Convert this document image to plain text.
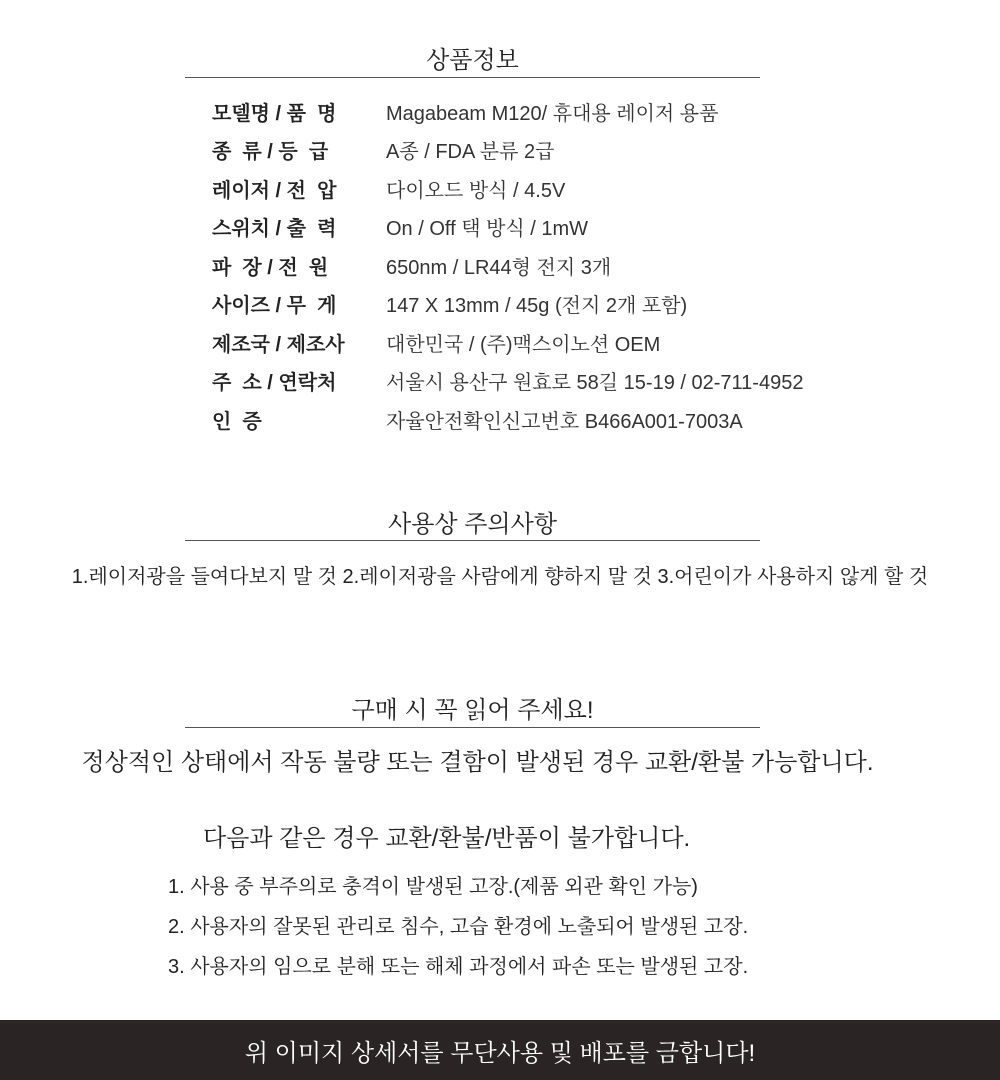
상품정보
모델명 / 품  명	Magabeam M120/ 휴대용 레이저 용품
종  류 / 등  급	A종 / FDA 분류 2급
레이저 / 전  압	다이오드 방식 / 4.5V
스위치 / 출  력	On / Off 택 방식 / 1mW
파  장 / 전  원	650nm / LR44형 전지 3개
사이즈 / 무  게	147 X 13mm / 45g (전지 2개 포함)
제조국 / 제조사	대한민국 / (주)맥스이노션 OEM
주  소 / 연락처	서울시 용산구 원효로 58길 15-19 / 02-711-4952
인  증	자율안전확인신고번호 B466A001-7003A
사용상 주의사항
1.레이저광을 들여다보지 말 것 2.레이저광을 사람에게 향하지 말 것 3.어린이가 사용하지 않게 할 것
구매 시 꼭 읽어 주세요!
정상적인 상태에서 작동 불량 또는 결함이 발생된 경우 교환/환불 가능합니다.
다음과 같은 경우 교환/환불/반품이 불가합니다.
1. 사용 중 부주의로 충격이 발생된 고장.(제품 외관 확인 가능)
2. 사용자의 잘못된 관리로 침수, 고습 환경에 노출되어 발생된 고장.
3. 사용자의 임으로 분해 또는 해체 과정에서 파손 또는 발생된 고장.
위 이미지 상세서를 무단사용 및 배포를 금합니다!
